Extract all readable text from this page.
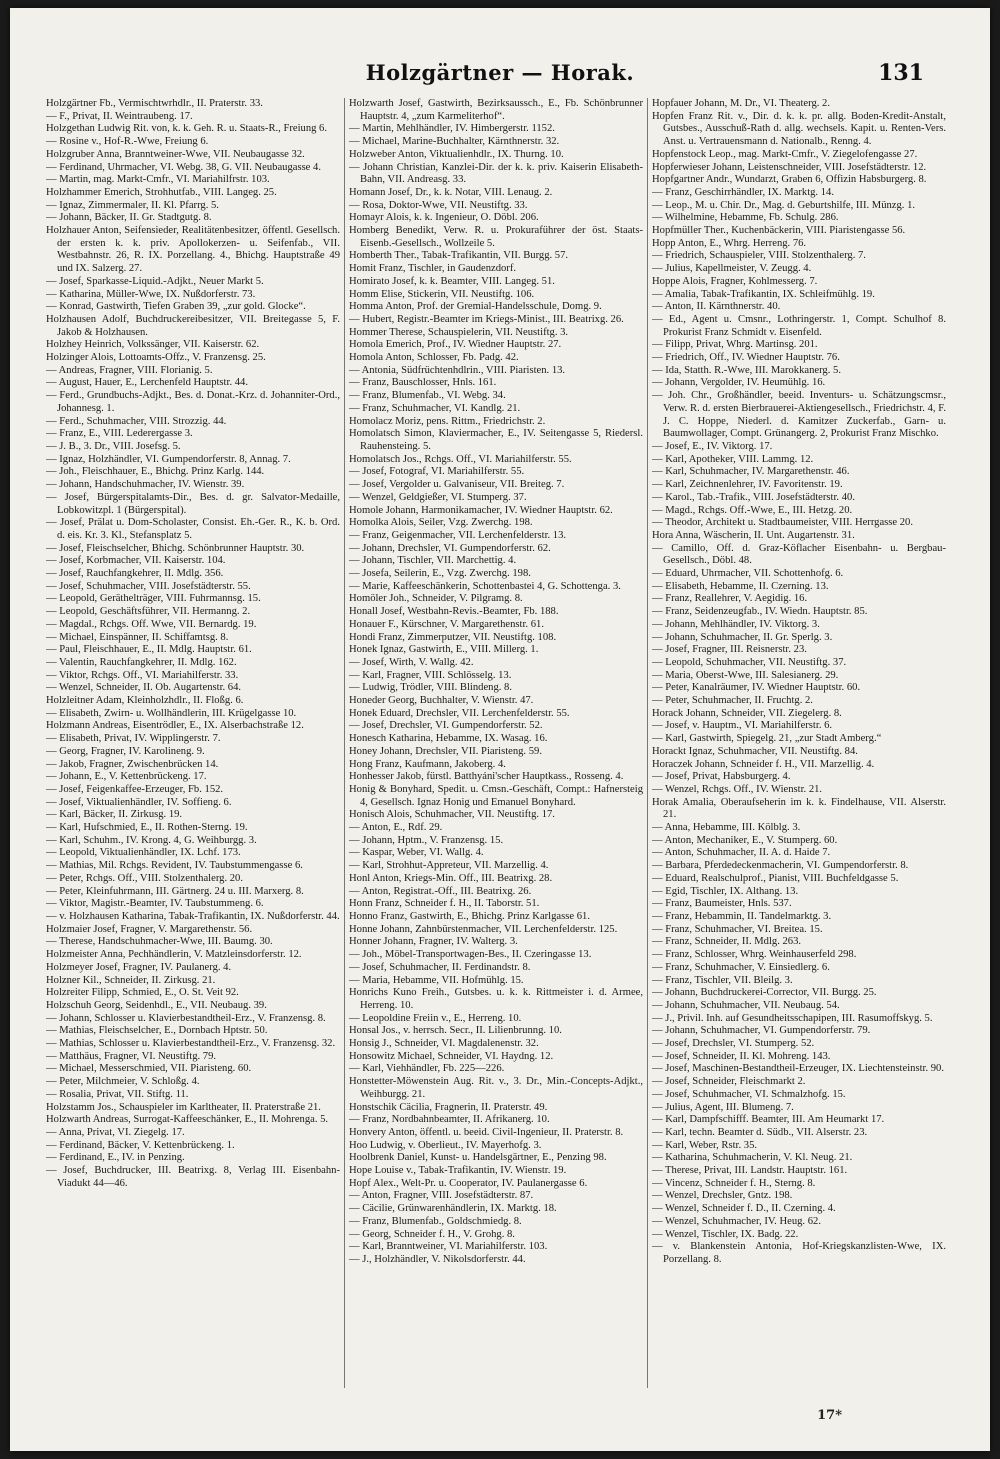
Holzgärtner — Horak.	131

Holzgärtner Fb., Vermischtwrhdlr., II. Praterstr. 33.

— F., Privat, II. Weintraubeng. 17.

Holzgethan Ludwig Rit. von, k. k. Geh. R. u. Staats-R., Freiung 6.

— Rosine v., Hof-R.-Wwe, Freiung 6.

Holzgruber Anna, Branntweiner-Wwe, VII. Neubaugasse 32.

— Ferdinand, Uhrmacher, VI. Webg. 38, G. VII. Neubaugasse 4.

— Martin, mag. Markt-Cmfr., VI. Mariahilfrstr. 103.

Holzhammer Emerich, Strohhutfab., VIII. Langeg. 25.

— Ignaz, Zimmermaler, II. Kl. Pfarrg. 5.

— Johann, Bäcker, II. Gr. Stadtgutg. 8.

Holzhauer Anton, Seifensieder, Realitätenbesitzer, öffentl. Gesellsch. der ersten k. k. priv. Apollokerzen- u. Seifenfab., VII. Westbahnstr. 26, R. IX. Porzellang. 4., Bhichg. Hauptstraße 49 und IX. Salzerg. 27.

— Josef, Sparkasse-Liquid.-Adjkt., Neuer Markt 5.

— Katharina, Müller-Wwe, IX. Nußdorferstr. 73.

— Konrad, Gastwirth, Tiefen Graben 39, „zur gold. Glocke“.

Holzhausen Adolf, Buchdruckereibesitzer, VII. Breitegasse 5, F. Jakob & Holzhausen.

Holzhey Heinrich, Volkssänger, VII. Kaiserstr. 62.

Holzinger Alois, Lottoamts-Offz., V. Franzensg. 25.

— Andreas, Fragner, VIII. Florianig. 5.

— August, Hauer, E., Lerchenfeld Hauptstr. 44.

— Ferd., Grundbuchs-Adjkt., Bes. d. Donat.-Krz. d. Johanniter-Ord., Johannesg. 1.

— Ferd., Schuhmacher, VIII. Strozzig. 44.

— Franz, E., VIII. Lederergasse 3.

— J. B., 3. Dr., VIII. Josefsg. 5.

— Ignaz, Holzhändler, VI. Gumpendorferstr. 8, Annag. 7.

— Joh., Fleischhauer, E., Bhichg. Prinz Karlg. 144.

— Johann, Handschuhmacher, IV. Wienstr. 39.

— Josef, Bürgerspitalamts-Dir., Bes. d. gr. Salvator-Medaille, Lobkowitzpl. 1 (Bürgerspital).

— Josef, Prälat u. Dom-Scholaster, Consist. Eh.-Ger. R., K. b. Ord. d. eis. Kr. 3. Kl., Stefansplatz 5.

— Josef, Fleischselcher, Bhichg. Schönbrunner Hauptstr. 30.

— Josef, Korbmacher, VII. Kaiserstr. 104.

— Josef, Rauchfangkehrer, II. Mdlg. 356.

— Josef, Schuhmacher, VIII. Josefstädterstr. 55.

— Leopold, Geräthelträger, VIII. Fuhrmannsg. 15.

— Leopold, Geschäftsführer, VII. Hermanng. 2.

— Magdal., Rchgs. Off. Wwe, VII. Bernardg. 19.

— Michael, Einspänner, II. Schiffamtsg. 8.

— Paul, Fleischhauer, E., II. Mdlg. Hauptstr. 61.

— Valentin, Rauchfangkehrer, II. Mdlg. 162.

— Viktor, Rchgs. Off., VI. Mariahilferstr. 33.

— Wenzel, Schneider, II. Ob. Augartenstr. 64.

Holzleitner Adam, Kleinholzhdlr., II. Floßg. 6.

— Elisabeth, Zwirn- u. Wollhändlerin, III. Krügelgasse 10.

Holzmann Andreas, Eisentrödler, E., IX. Alserbachstraße 12.

— Elisabeth, Privat, IV. Wipplingerstr. 7.

— Georg, Fragner, IV. Karolineng. 9.

— Jakob, Fragner, Zwischenbrücken 14.

— Johann, E., V. Kettenbrückeng. 17.

— Josef, Feigenkaffee-Erzeuger, Fb. 152.

— Josef, Viktualienhändler, IV. Soffieng. 6.

— Karl, Bäcker, II. Zirkusg. 19.

— Karl, Hufschmied, E., II. Rothen-Sterng. 19.

— Karl, Schuhm., IV. Krong. 4, G. Weihburgg. 3.

— Leopold, Viktualienhändler, IX. Lchf. 173.

— Mathias, Mil. Rchgs. Revident, IV. Taubstummengasse 6.

— Peter, Rchgs. Off., VIII. Stolzenthalerg. 20.

— Peter, Kleinfuhrmann, III. Gärtnerg. 24 u. III. Marxerg. 8.

— Viktor, Magistr.-Beamter, IV. Taubstummeng. 6.

— v. Holzhausen Katharina, Tabak-Trafikantin, IX. Nußdorferstr. 44.

Holzmaier Josef, Fragner, V. Margarethenstr. 56.

— Therese, Handschuhmacher-Wwe, III. Baumg. 30.

Holzmeister Anna, Pechhändlerin, V. Matzleinsdorferstr. 12.

Holzmeyer Josef, Fragner, IV. Paulanerg. 4.

Holzner Kil., Schneider, II. Zirkusg. 21.

Holzreiter Filipp, Schmied, E., O. St. Veit 92.

Holzschuh Georg, Seidenhdl., E., VII. Neubaug. 39.

— Johann, Schlosser u. Klavierbestandtheil-Erz., V. Franzensg. 8.

— Mathias, Fleischselcher, E., Dornbach Hptstr. 50.

— Mathias, Schlosser u. Klavierbestandtheil-Erz., V. Franzensg. 32.

— Matthäus, Fragner, VI. Neustiftg. 79.

— Michael, Messerschmied, VII. Piaristeng. 60.

— Peter, Milchmeier, V. Schloßg. 4.

— Rosalia, Privat, VII. Stiftg. 11.

Holzstamm Jos., Schauspieler im Karltheater, II. Praterstraße 21.

Holzwarth Andreas, Surrogat-Kaffeeschänker, E., II. Mohrenga. 5.

— Anna, Privat, VI. Ziegelg. 17.

— Ferdinand, Bäcker, V. Kettenbrückeng. 1.

— Ferdinand, E., IV. in Penzing.

— Josef, Buchdrucker, III. Beatrixg. 8, Verlag III. Eisenbahn-Viadukt 44—46.

Holzwarth Josef, Gastwirth, Bezirksaussch., E., Fb. Schönbrunner Hauptstr. 4, „zum Karmeliterhof“.

— Martin, Mehlhändler, IV. Himbergerstr. 1152.

— Michael, Marine-Buchhalter, Kärnthnerstr. 32.

Holzweber Anton, Viktualienhdlr., IX. Thurng. 10.

— Johann Christian, Kanzlei-Dir. der k. k. priv. Kaiserin Elisabeth-Bahn, VII. Andreasg. 33.

Homann Josef, Dr., k. k. Notar, VIII. Lenaug. 2.

— Rosa, Doktor-Wwe, VII. Neustiftg. 33.

Homayr Alois, k. k. Ingenieur, O. Döbl. 206.

Homberg Benedikt, Verw. R. u. Prokuraführer der öst. Staats-Eisenb.-Gesellsch., Wollzeile 5.

Homberth Ther., Tabak-Trafikantin, VII. Burgg. 57.

Homit Franz, Tischler, in Gaudenzdorf.

Homirato Josef, k. k. Beamter, VIII. Langeg. 51.

Homm Elise, Stickerin, VII. Neustiftg. 106.

Homma Anton, Prof. der Gremial-Handelsschule, Domg. 9.

— Hubert, Registr.-Beamter im Kriegs-Minist., III. Beatrixg. 26.

Hommer Therese, Schauspielerin, VII. Neustiftg. 3.

Homola Emerich, Prof., IV. Wiedner Hauptstr. 27.

Homola Anton, Schlosser, Fb. Padg. 42.

— Antonia, Südfrüchtenhdlrin., VIII. Piaristen. 13.

— Franz, Bauschlosser, Hnls. 161.

— Franz, Blumenfab., VI. Webg. 34.

— Franz, Schuhmacher, VI. Kandlg. 21.

Homolacz Moriz, pens. Rittm., Friedrichstr. 2.

Homolatsch Simon, Klaviermacher, E., IV. Seitengasse 5, Riedersl. Rauhensteing. 5.

Homolatsch Jos., Rchgs. Off., VI. Mariahilferstr. 55.

— Josef, Fotograf, VI. Mariahilferstr. 55.

— Josef, Vergolder u. Galvaniseur, VII. Breiteg. 7.

— Wenzel, Geldgießer, VI. Stumperg. 37.

Homole Johann, Harmonikamacher, IV. Wiedner Hauptstr. 62.

Homolka Alois, Seiler, Vzg. Zwerchg. 198.

— Franz, Geigenmacher, VII. Lerchenfelderstr. 13.

— Johann, Drechsler, VI. Gumpendorferstr. 62.

— Johann, Tischler, VII. Marchettig. 4.

— Josefa, Seilerin, E., Vzg. Zwerchg. 198.

— Marie, Kaffeeschänkerin, Schottenbastei 4, G. Schottenga. 3.

Homöler Joh., Schneider, V. Pilgramg. 8.

Honall Josef, Westbahn-Revis.-Beamter, Fb. 188.

Honauer F., Kürschner, V. Margarethenstr. 61.

Hondi Franz, Zimmerputzer, VII. Neustiftg. 108.

Honek Ignaz, Gastwirth, E., VIII. Millerg. 1.

— Josef, Wirth, V. Wallg. 42.

— Karl, Fragner, VIII. Schlösselg. 13.

— Ludwig, Trödler, VIII. Blindeng. 8.

Honeder Georg, Buchhalter, V. Wienstr. 47.

Honek Eduard, Drechsler, VII. Lerchenfelderstr. 55.

— Josef, Drechsler, VI. Gumpendorferstr. 52.

Honesch Katharina, Hebamme, IX. Wasag. 16.

Honey Johann, Drechsler, VII. Piaristeng. 59.

Hong Franz, Kaufmann, Jakoberg. 4.

Honhesser Jakob, fürstl. Batthyáni'scher Hauptkass., Rosseng. 4.

Honig & Bonyhard, Spedit. u. Cmsn.-Geschäft, Compt.: Hafnersteig 4, Gesellsch. Ignaz Honig und Emanuel Bonyhard.

Honisch Alois, Schuhmacher, VII. Neustiftg. 17.

— Anton, E., Rdf. 29.

— Johann, Hptm., V. Franzensg. 15.

— Kaspar, Weber, VI. Wallg. 4.

— Karl, Strohhut-Appreteur, VII. Marzellig. 4.

Honl Anton, Kriegs-Min. Off., III. Beatrixg. 28.

— Anton, Registrat.-Off., III. Beatrixg. 26.

Honn Franz, Schneider f. H., II. Taborstr. 51.

Honno Franz, Gastwirth, E., Bhichg. Prinz Karlgasse 61.

Honne Johann, Zahnbürstenmacher, VII. Lerchenfelderstr. 125.

Honner Johann, Fragner, IV. Walterg. 3.

— Joh., Möbel-Transportwagen-Bes., II. Czeringasse 13.

— Josef, Schuhmacher, II. Ferdinandstr. 8.

— Maria, Hebamme, VII. Hofmühlg. 15.

Honrichs Kuno Freih., Gutsbes. u. k. k. Rittmeister i. d. Armee, Herreng. 10.

— Leopoldine Freiin v., E., Herreng. 10.

Honsal Jos., v. herrsch. Secr., II. Lilienbrunng. 10.

Honsig J., Schneider, VI. Magdalenenstr. 32.

Honsowitz Michael, Schneider, VI. Haydng. 12.

— Karl, Viehhändler, Fb. 225—226.

Honstetter-Möwenstein Aug. Rit. v., 3. Dr., Min.-Concepts-Adjkt., Weihburgg. 21.

Honstschik Cäcilia, Fragnerin, II. Praterstr. 49.

— Franz, Nordbahnbeamter, II. Afrikanerg. 10.

Honvery Anton, öffentl. u. beeid. Civil-Ingenieur, II. Praterstr. 8.

Hoo Ludwig, v. Oberlieut., IV. Mayerhofg. 3.

Hoolbrenk Daniel, Kunst- u. Handelsgärtner, E., Penzing 98.

Hope Louise v., Tabak-Trafikantin, IV. Wienstr. 19.

Hopf Alex., Welt-Pr. u. Cooperator, IV. Paulanergasse 6.

— Anton, Fragner, VIII. Josefstädterstr. 87.

— Cäcilie, Grünwarenhändlerin, IX. Marktg. 18.

— Franz, Blumenfab., Goldschmiedg. 8.

— Georg, Schneider f. H., V. Grohg. 8.

— Karl, Branntweiner, VI. Mariahilferstr. 103.

— J., Holzhändler, V. Nikolsdorferstr. 44.

Hopfauer Johann, M. Dr., VI. Theaterg. 2.

Hopfen Franz Rit. v., Dir. d. k. k. pr. allg. Boden-Kredit-Anstalt, Gutsbes., Ausschuß-Rath d. allg. wechsels. Kapit. u. Renten-Vers. Anst. u. Vertrauensmann d. Nationalb., Renng. 4.

Hopfenstock Leop., mag. Markt-Cmfr., V. Ziegelofengasse 27.

Hopferwieser Johann, Leistenschneider, VIII. Josefstädterstr. 12.

Hopfgartner Andr., Wundarzt, Graben 6, Offizin Habsburgerg. 8.

— Franz, Geschirrhändler, IX. Marktg. 14.

— Leop., M. u. Chir. Dr., Mag. d. Geburtshilfe, III. Münzg. 1.

— Wilhelmine, Hebamme, Fb. Schulg. 286.

Hopfmüller Ther., Kuchenbäckerin, VIII. Piaristengasse 56.

Hopp Anton, E., Whrg. Herreng. 76.

— Friedrich, Schauspieler, VIII. Stolzenthalerg. 7.

— Julius, Kapellmeister, V. Zeugg. 4.

Hoppe Alois, Fragner, Kohlmesserg. 7.

— Amalia, Tabak-Trafikantin, IX. Schleifmühlg. 19.

— Anton, II. Kärnthnerstr. 40.

— Ed., Agent u. Cmsnr., Lothringerstr. 1, Compt. Schulhof 8. Prokurist Franz Schmidt v. Eisenfeld.

— Filipp, Privat, Whrg. Martinsg. 201.

— Friedrich, Off., IV. Wiedner Hauptstr. 76.

— Ida, Statth. R.-Wwe, III. Marokkanerg. 5.

— Johann, Vergolder, IV. Heumühlg. 16.

— Joh. Chr., Großhändler, beeid. Inventurs- u. Schätzungscmsr., Verw. R. d. ersten Bierbrauerei-Aktiengesellsch., Friedrichstr. 4, F. J. C. Hoppe, Niederl. d. Kamitzer Zuckerfab., Garn- u. Baumwollager, Compt. Grünangerg. 2, Prokurist Franz Mischko.

— Josef, E., IV. Viktorg. 17.

— Karl, Apotheker, VIII. Lammg. 12.

— Karl, Schuhmacher, IV. Margarethenstr. 46.

— Karl, Zeichnenlehrer, IV. Favoritenstr. 19.

— Karol., Tab.-Trafik., VIII. Josefstädterstr. 40.

— Magd., Rchgs. Off.-Wwe, E., III. Hetzg. 20.

— Theodor, Architekt u. Stadtbaumeister, VIII. Herrgasse 20.

Hora Anna, Wäscherin, II. Unt. Augartenstr. 31.

— Camillo, Off. d. Graz-Köflacher Eisenbahn- u. Bergbau-Gesellsch., Döbl. 48.

— Eduard, Uhrmacher, VII. Schottenhofg. 6.

— Elisabeth, Hebamme, II. Czerning. 13.

— Franz, Reallehrer, V. Aegidig. 16.

— Franz, Seidenzeugfab., IV. Wiedn. Hauptstr. 85.

— Johann, Mehlhändler, IV. Viktorg. 3.

— Johann, Schuhmacher, II. Gr. Sperlg. 3.

— Josef, Fragner, III. Reisnerstr. 23.

— Leopold, Schuhmacher, VII. Neustiftg. 37.

— Maria, Oberst-Wwe, III. Salesianerg. 29.

— Peter, Kanalräumer, IV. Wiedner Hauptstr. 60.

— Peter, Schuhmacher, II. Fruchtg. 2.

Horack Johann, Schneider, VII. Ziegelerg. 8.

— Josef, v. Hauptm., VI. Mariahilferstr. 6.

— Karl, Gastwirth, Spiegelg. 21, „zur Stadt Amberg.“

Horackt Ignaz, Schuhmacher, VII. Neustiftg. 84.

Horaczek Johann, Schneider f. H., VII. Marzellig. 4.

— Josef, Privat, Habsburgerg. 4.

— Wenzel, Rchgs. Off., IV. Wienstr. 21.

Horak Amalia, Oberaufseherin im k. k. Findelhause, VII. Alserstr. 21.

— Anna, Hebamme, III. Kölblg. 3.

— Anton, Mechaniker, E., V. Stumperg. 60.

— Anton, Schuhmacher, II. A. d. Haide 7.

— Barbara, Pferdedeckenmacherin, VI. Gumpendorferstr. 8.

— Eduard, Realschulprof., Pianist, VIII. Buchfeldgasse 5.

— Egid, Tischler, IX. Althang. 13.

— Franz, Baumeister, Hnls. 537.

— Franz, Hebammin, II. Tandelmarktg. 3.

— Franz, Schuhmacher, VI. Breitea. 15.

— Franz, Schneider, II. Mdlg. 263.

— Franz, Schlosser, Whrg. Weinhauserfeld 298.

— Franz, Schuhmacher, V. Einsiedlerg. 6.

— Franz, Tischler, VII. Bleilg. 3.

— Johann, Buchdruckerei-Corrector, VII. Burgg. 25.

— Johann, Schuhmacher, VII. Neubaug. 54.

— J., Privil. Inh. auf Gesundheitsschapipen, III. Rasumoffskyg. 5.

— Johann, Schuhmacher, VI. Gumpendorferstr. 79.

— Josef, Drechsler, VI. Stumperg. 52.

— Josef, Schneider, II. Kl. Mohreng. 143.

— Josef, Maschinen-Bestandtheil-Erzeuger, IX. Liechtensteinstr. 90.

— Josef, Schneider, Fleischmarkt 2.

— Josef, Schuhmacher, VI. Schmalzhofg. 15.

— Julius, Agent, III. Blumeng. 7.

— Karl, Dampfschifff. Beamter, III. Am Heumarkt 17.

— Karl, techn. Beamter d. Südb., VII. Alserstr. 23.

— Karl, Weber, Rstr. 35.

— Katharina, Schuhmacherin, V. Kl. Neug. 21.

— Therese, Privat, III. Landstr. Hauptstr. 161.

— Vincenz, Schneider f. H., Sterng. 8.

— Wenzel, Drechsler, Gntz. 198.

— Wenzel, Schneider f. D., II. Czerning. 4.

— Wenzel, Schuhmacher, IV. Heug. 62.

— Wenzel, Tischler, IX. Badg. 22.

— v. Blankenstein Antonia, Hof-Kriegskanzlisten-Wwe, IX. Porzellang. 8.

17*
